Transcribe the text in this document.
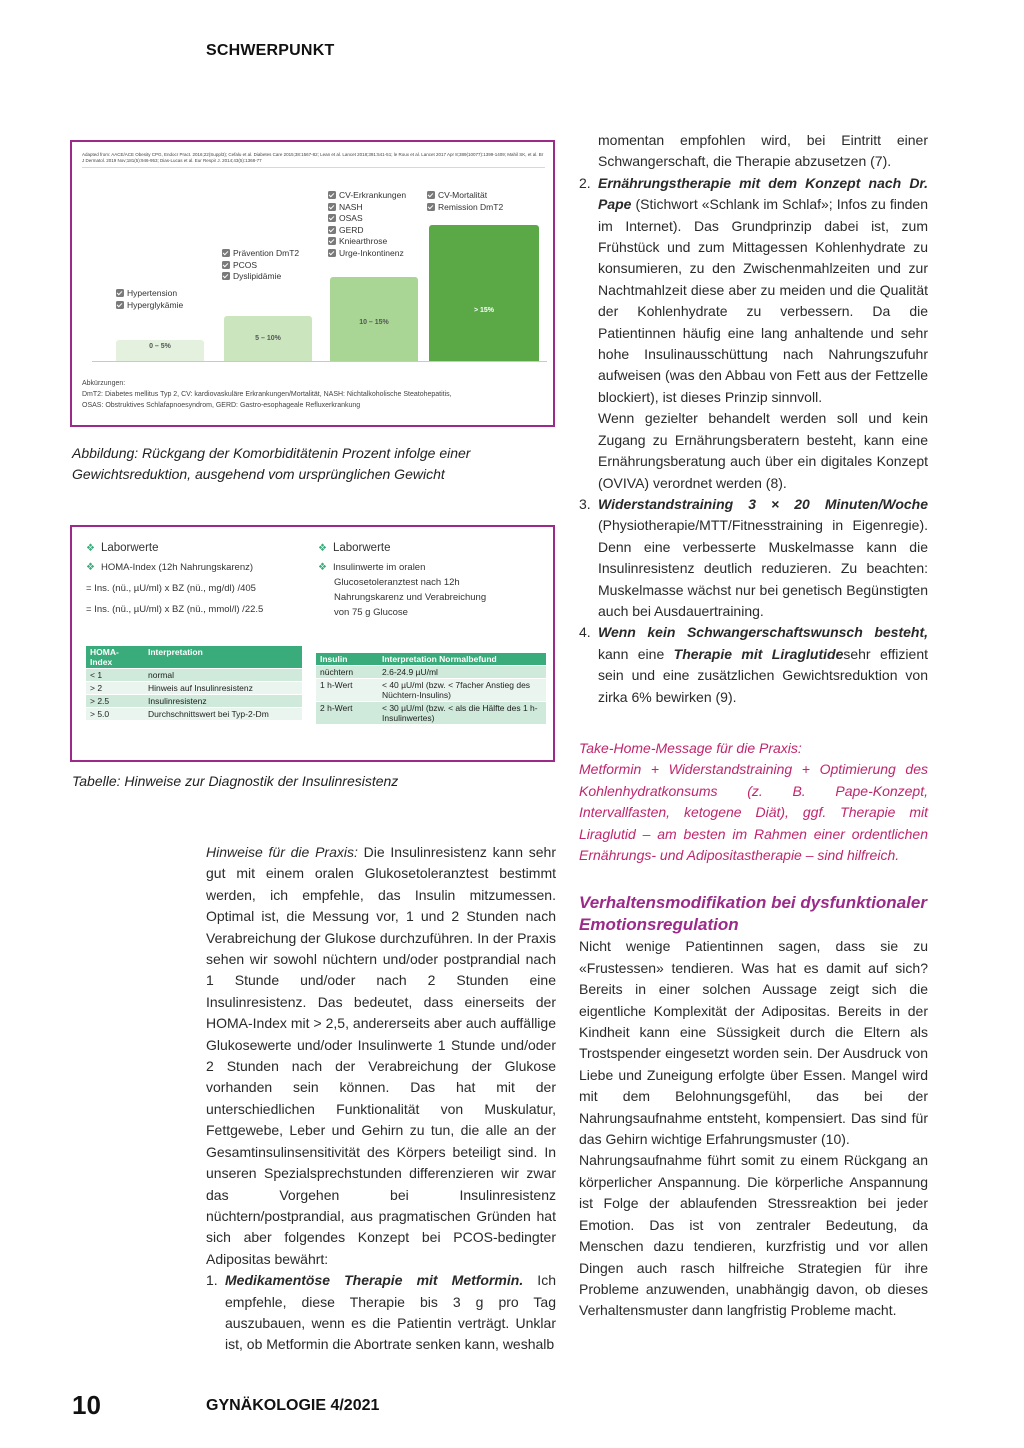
SCHWERPUNKT
Adapted from: AACE/ACE Obesity CPG, Endocr Pract. 2016;22(Suppl3); Cefalu et al. Diabetes Care 2015;38:1567-82; Lean et al. Lancet 2018;391:541-51; le Roux et al. Lancet 2017 Apr 8;389(10077):1399-1409; Mahil SK, et al. Br J Dermatol. 2019 Nov;181(5):946-953; Dias-Lucas et al. Eur Respir J. 2014;43(5):1368-77
0 – 5%
5 – 10%
10 – 15%
> 15%
Hypertension
Hyperglykämie
Prävention DmT2
PCOS
Dyslipidämie
CV-Erkrankungen
NASH
OSAS
GERD
Kniearthrose
Urge-Inkontinenz
CV-Mortalität
Remission DmT2
Abkürzungen:
DmT2: Diabetes mellitus Typ 2, CV: kardiovaskuläre Erkrankungen/Mortalität, NASH: Nichtalkoholische Steatohepatitis,
OSAS: Obstruktives Schlafapnoesyndrom, GERD: Gastro-esophageale Refluxerkrankung
Abbildung: Rückgang der Komorbiditätenin Prozent infolge einer Gewichtsreduktion, ausgehend vom ursprünglichen Gewicht
❖ Laborwerte
❖ HOMA-Index (12h Nahrungskarenz)
= Ins. (nü., µU/ml) x BZ (nü., mg/dl) /405
= Ins. (nü., µU/ml) x BZ (nü., mmol/l) /22.5
HOMA-Index	Interpretation
< 1	normal
> 2	Hinweis auf Insulinresistenz
> 2.5	Insulinresistenz
> 5.0	Durchschnittswert bei Typ-2-Dm
❖ Laborwerte
❖ Insulinwerte im oralen
Glucosetoleranztest nach 12h
Nahrungskarenz und Verabreichung
von 75 g Glucose
Insulin	Interpretation Normalbefund
nüchtern	2.6-24.9 µU/ml
1 h-Wert	< 40 µU/ml (bzw. < 7facher Anstieg des Nüchtern-Insulins)
2 h-Wert	< 30 µU/ml (bzw. < als die Hälfte des 1 h-Insulinwertes)
Tabelle: Hinweise zur Diagnostik der Insulinresistenz

Hinweise für die Praxis: Die Insulinresistenz kann sehr gut mit einem oralen Glukosetoleranztest bestimmt werden, ich empfehle, das Insulin mitzumessen. Optimal ist, die Messung vor, 1 und 2 Stunden nach Verabreichung der Glukose durchzuführen. In der Praxis sehen wir sowohl nüchtern und/oder postprandial nach 1 Stunde und/oder nach 2 Stunden eine Insulinresistenz. Das bedeutet, dass einerseits der HOMA-Index mit > 2,5, andererseits aber auch auffällige Glukosewerte und/oder Insulinwerte 1 Stunde und/oder 2 Stunden nach der Verabreichung der Glukose vorhanden sein können. Das hat mit der unterschiedlichen Funktionalität von Muskulatur, Fettgewebe, Leber und Gehirn zu tun, die alle an der Gesamtinsulinsensitivität des Körpers beteiligt sind. In unseren Spezialsprechstunden differenzieren wir zwar das Vorgehen bei Insulinresistenz nüchtern/postprandial, aus pragmatischen Gründen hat sich aber folgendes Konzept bei PCOS-bedingter Adipositas bewährt:

1. Medikamentöse Therapie mit Metformin. Ich empfehle, diese Therapie bis 3 g pro Tag auszubauen, wenn es die Patientin verträgt. Unklar ist, ob Metformin die Abortrate senken kann, weshalb

momentan empfohlen wird, bei Eintritt einer Schwangerschaft, die Therapie abzusetzen (7).

2. Ernährungstherapie mit dem Konzept nach Dr. Pape (Stichwort «Schlank im Schlaf»; Infos zu finden im Internet). Das Grundprinzip dabei ist, zum Frühstück und zum Mittagessen Kohlenhydrate zu konsumieren, zu den Zwischenmahlzeiten und zur Nachtmahlzeit diese aber zu meiden und die Qualität der Kohlenhydrate zu verbessern. Da die Patientinnen häufig eine lang anhaltende und sehr hohe Insulinausschüttung nach Nahrungszufuhr aufweisen (was den Abbau von Fett aus der Fettzelle blockiert), ist dieses Prinzip sinnvoll.
Wenn gezielter behandelt werden soll und kein Zugang zu Ernährungsberatern besteht, kann eine Ernährungsberatung auch über ein digitales Konzept (OVIVA) verordnet werden (8).
3. Widerstandstraining 3 × 20 Minuten/Woche (Physiotherapie/MTT/Fitnesstraining in Eigenregie). Denn eine verbesserte Muskelmasse kann die Insulinresistenz deutlich reduzieren. Zu beachten: Muskelmasse wächst nur bei genetisch Begünstigten auch bei Ausdauertraining.
4. Wenn kein Schwangerschaftswunsch besteht, kann eine Therapie mit Liraglutidesehr effizient sein und eine zusätzlichen Gewichtsreduktion von zirka 6% bewirken (9).
Take-Home-Message für die Praxis:

Metformin + Widerstandstraining + Optimierung des Kohlenhydratkonsums (z. B. Pape-Konzept, Intervallfasten, ketogene Diät), ggf. Therapie mit Liraglutid – am besten im Rahmen einer ordentlichen Ernährungs- und Adipositastherapie – sind hilfreich.

Verhaltensmodifikation bei dysfunktionaler Emotionsregulation

Nicht wenige Patientinnen sagen, dass sie zu «Frustessen» tendieren. Was hat es damit auf sich? Bereits in einer solchen Aussage zeigt sich die eigentliche Komplexität der Adipositas. Bereits in der Kindheit kann eine Süssigkeit durch die Eltern als Trostspender eingesetzt worden sein. Der Ausdruck von Liebe und Zuneigung erfolgte über Essen. Mangel wird mit dem Belohnungsgefühl, das bei der Nahrungsaufnahme entsteht, kompensiert. Das sind für das Gehirn wichtige Erfahrungsmuster (10).

Nahrungsaufnahme führt somit zu einem Rückgang an körperlicher Anspannung. Die körperliche Anspannung ist Folge der ablaufenden Stressreaktion bei jeder Emotion. Das ist von zentraler Bedeutung, da Menschen dazu tendieren, kurzfristig und vor allen Dingen auch rasch hilfreiche Strategien für ihre Probleme anzuwenden, unabhängig davon, ob dieses Verhaltensmuster dann langfristig Probleme macht.

10	GYNÄKOLOGIE 4/2021
